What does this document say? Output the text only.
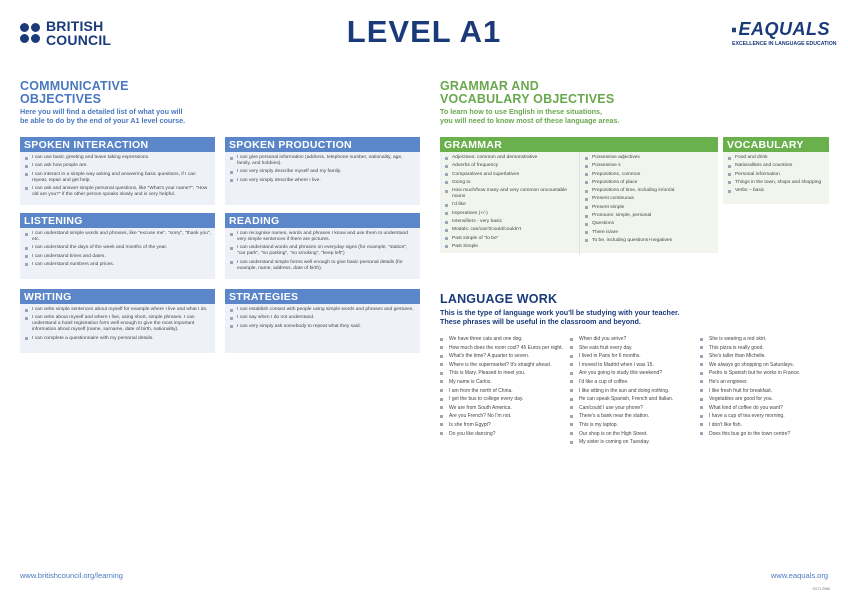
BRITISH
COUNCIL	LEVEL A1	EAQUALS
EXCELLENCE IN LANGUAGE EDUCATION
COMMUNICATIVE
OBJECTIVES
Here you will find a detailed list of what you will
be able to do by the end of your A1 level course.
SPOKEN INTERACTION
I can use basic greeting and leave taking expressions.
I can ask how people are.
I can interact in a simple way asking and answering basic questions, if I can repeat, repair and get help.
I can ask and answer simple personal questions, like "What's your name?", "How old are you?" if the other person speaks slowly and is very helpful.
SPOKEN PRODUCTION
I can give personal information (address, telephone number, nationality, age, family, and hobbies).
I can very simply describe myself and my family.
I can very simply describe where I live.
LISTENING
I can understand simple words and phrases, like "excuse me", "sorry", "thank you", etc.
I can understand the days of the week and months of the year.
I can understand times and dates.
I can understand numbers and prices.
READING
I can recognise names, words and phrases I know and use them to understand very simple sentences if there are pictures.
I can understand words and phrases on everyday signs (for example, "station", "car park", "no parking", "no smoking", "keep left")
I can understand simple forms well enough to give basic personal details (for example, name, address, date of birth).
WRITING
I can write simple sentences about myself for example where I live and what I do.
I can write about myself and where I live, using short, simple phrases. I can understand a hotel registration form well enough to give the most important information about myself (name, surname, date of birth, nationality).
I can complete a questionnaire with my personal details.
STRATEGIES
I can establish contact with people using simple words and phrases and gestures.
I can say when I do not understand.
I can very simply ask somebody to repeat what they said.
GRAMMAR AND
VOCABULARY OBJECTIVES
To learn how to use English in these situations,
you will need to know most of these language areas.
GRAMMAR
Adjectives: common and demonstrative
Adverbs of frequency
Comparatives and superlatives
Going to
How much/how many and very common uncountable nouns
I'd like
Imperatives (+/-)
Intensifiers - very basic
Modals: can/can't/could/couldn't
Past simple of "to be"
Past Simple
Possessive adjectives
Possessive s
Prepositions, common
Prepositions of place
Prepositions of time, including in/on/at
Present continuous
Present simple
Pronouns: simple, personal
Questions
There is/are
To be, including questions+negatives
VOCABULARY
Food and drink
Nationalities and countries
Personal information
Things in the town, shops and shopping
Verbs – basic
LANGUAGE WORK
This is the type of language work you'll be studying with your teacher.
These phrases will be useful in the classroom and beyond.
We have three cats and one dog.
How much does the room cost? 45 Euros per night.
What's the time? A quarter to seven.
Where is the supermarket? It's straight ahead.
This is Mary. Pleased to meet you.
My name is Carlos.
I am from the north of China.
I get the bus to college every day.
We are from South America.
Are you French? No I'm not.
Is she from Egypt?
Do you like dancing?
When did you arrive?
She eats fruit every day.
I lived in Paris for 6 months.
I moved to Madrid when I was 15.
Are you going to study this weekend?
I'd like a cup of coffee.
I like sitting in the sun and doing nothing.
He can speak Spanish, French and Italian.
Can/could I use your phone?
There's a bank near the station.
This is my laptop.
Our shop is on the High Street.
My sister is coming on Tuesday.
She is wearing a red skirt.
This pizza is really good.
She's taller than Michelle.
We always go shopping on Saturdays.
Pedro is Spanish but he works in France.
He's an engineer.
I like fresh fruit for breakfast.
Vegetables are good for you.
What kind of coffee do you want?
I have a cup of tea every morning.
I don't like fish.
Does this bus go to the town centre?
www.britishcouncil.org/learning	www.eaquals.org
G071 Z986
